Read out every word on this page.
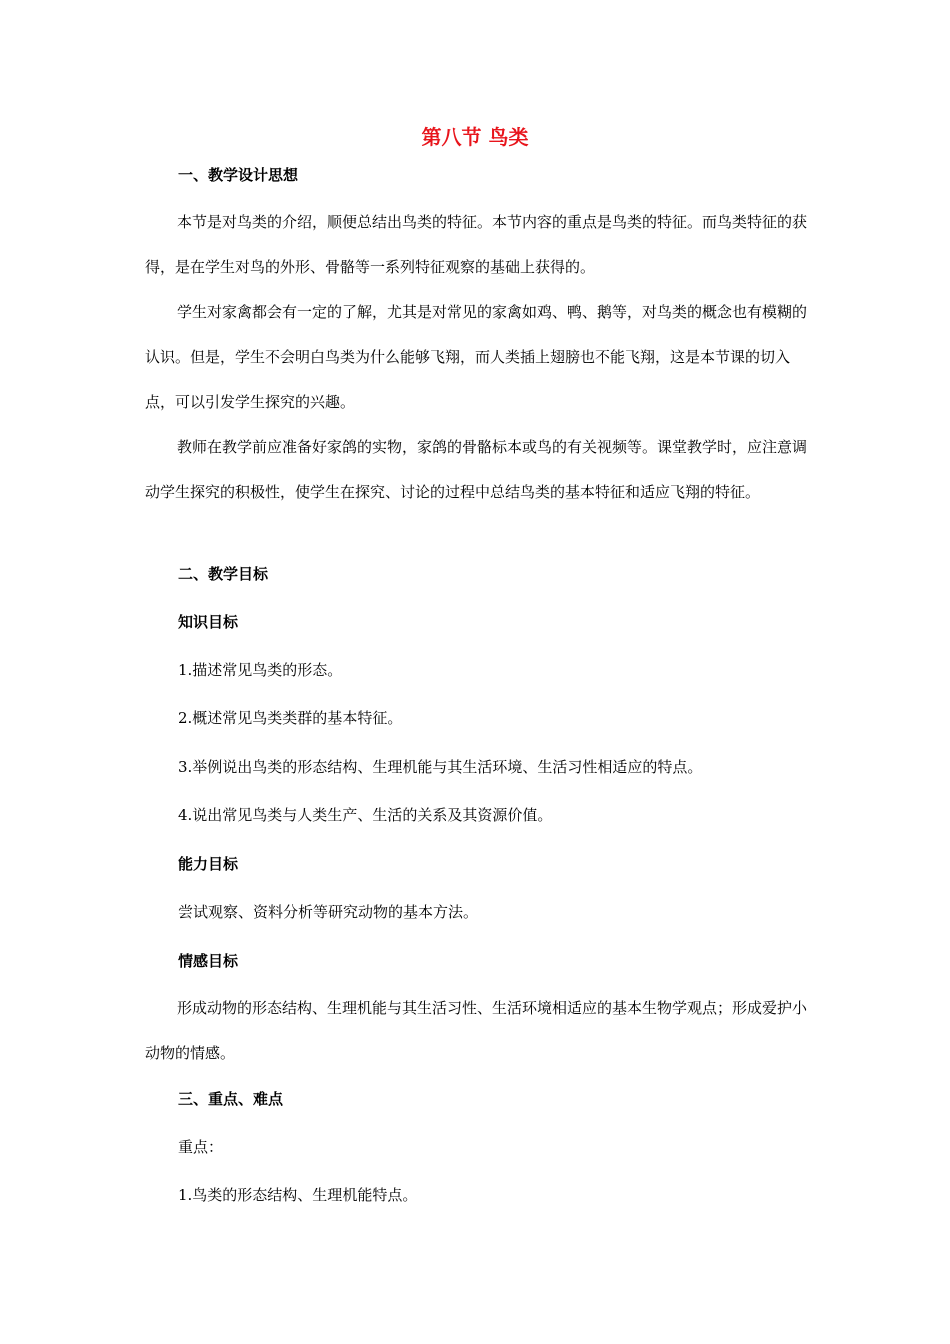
第八节 鸟类
一、教学设计思想

本节是对鸟类的介绍，顺便总结出鸟类的特征。本节内容的重点是鸟类的特征。而鸟类特征的获得，是在学生对鸟的外形、骨骼等一系列特征观察的基础上获得的。

学生对家禽都会有一定的了解，尤其是对常见的家禽如鸡、鸭、鹅等，对鸟类的概念也有模糊的认识。但是，学生不会明白鸟类为什么能够飞翔，而人类插上翅膀也不能飞翔，这是本节课的切入点，可以引发学生探究的兴趣。

教师在教学前应准备好家鸽的实物，家鸽的骨骼标本或鸟的有关视频等。课堂教学时，应注意调动学生探究的积极性，使学生在探究、讨论的过程中总结鸟类的基本特征和适应飞翔的特征。

二、教学目标
知识目标
1.描述常见鸟类的形态。
2.概述常见鸟类类群的基本特征。
3.举例说出鸟类的形态结构、生理机能与其生活环境、生活习性相适应的特点。
4.说出常见鸟类与人类生产、生活的关系及其资源价值。
能力目标
尝试观察、资料分析等研究动物的基本方法。
情感目标

形成动物的形态结构、生理机能与其生活习性、生活环境相适应的基本生物学观点；形成爱护小动物的情感。

三、重点、难点
重点：
1.鸟类的形态结构、生理机能特点。
